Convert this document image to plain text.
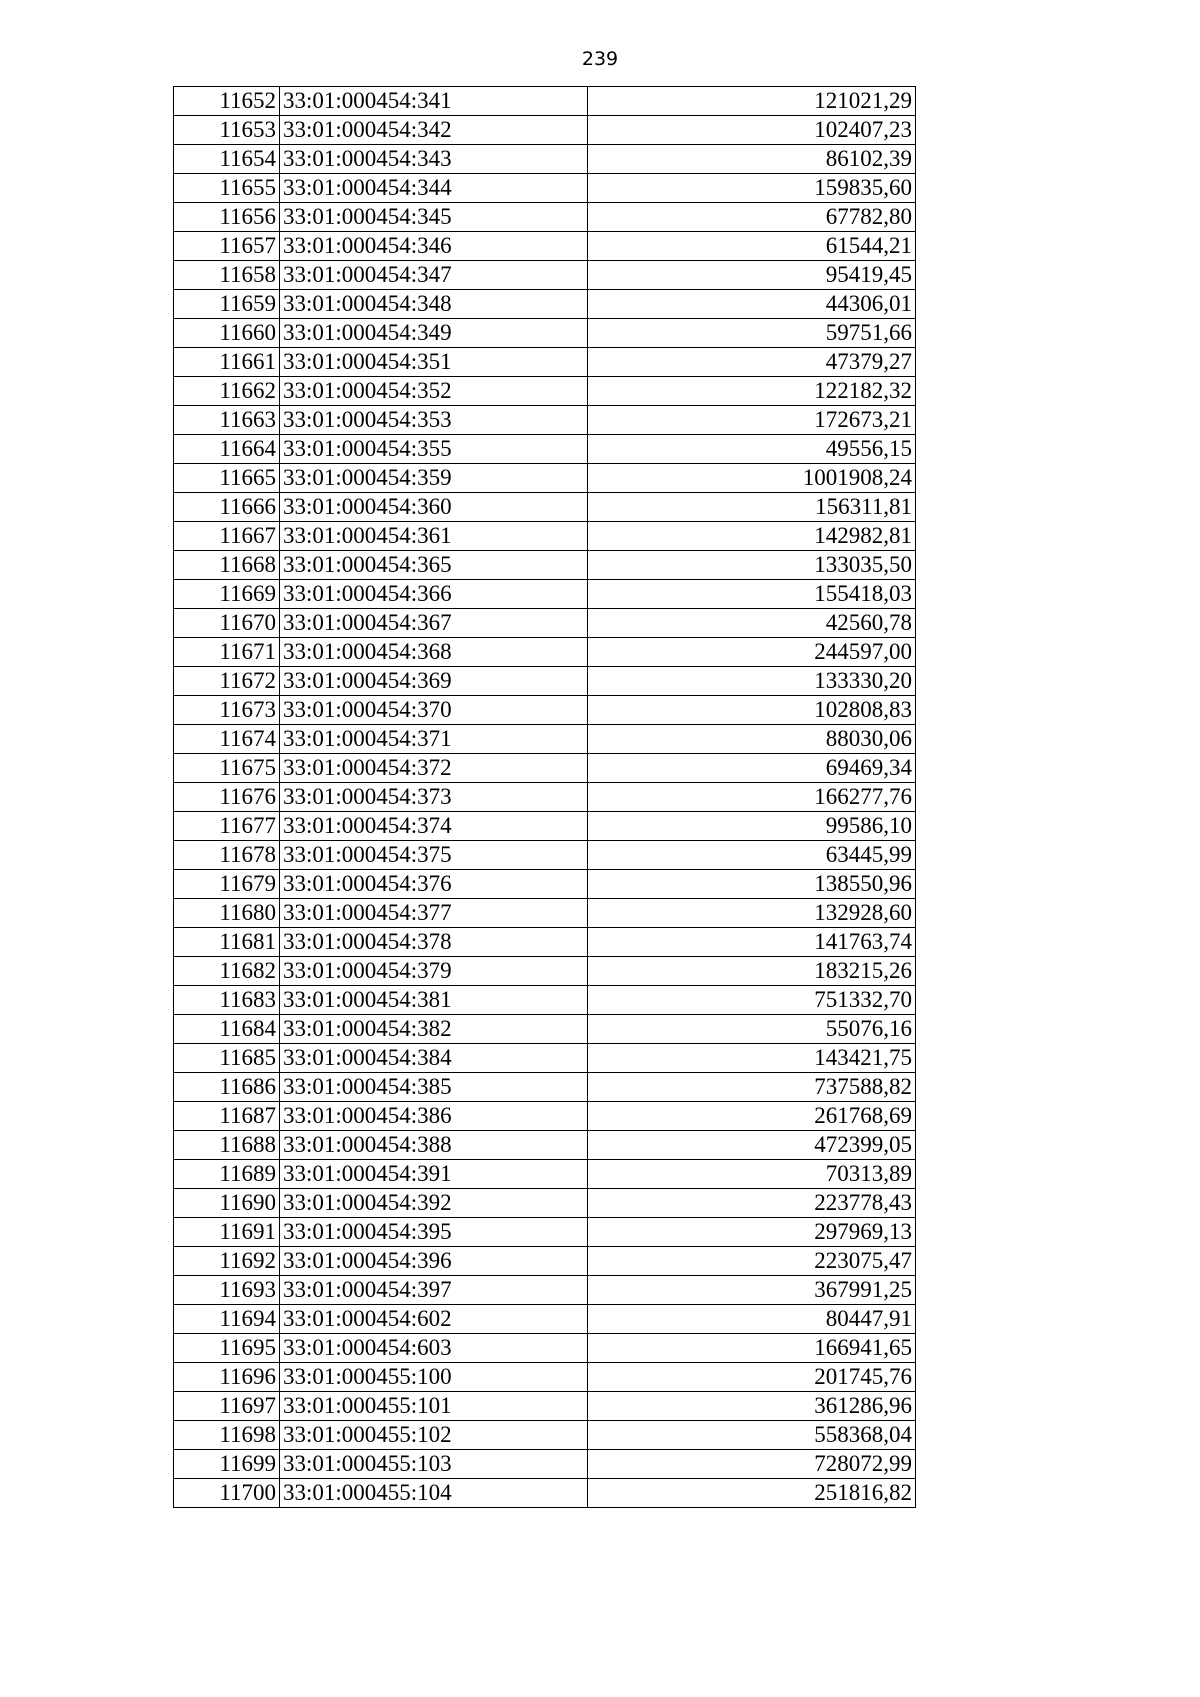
239
11652	33:01:000454:341	121021,29
11653	33:01:000454:342	102407,23
11654	33:01:000454:343	86102,39
11655	33:01:000454:344	159835,60
11656	33:01:000454:345	67782,80
11657	33:01:000454:346	61544,21
11658	33:01:000454:347	95419,45
11659	33:01:000454:348	44306,01
11660	33:01:000454:349	59751,66
11661	33:01:000454:351	47379,27
11662	33:01:000454:352	122182,32
11663	33:01:000454:353	172673,21
11664	33:01:000454:355	49556,15
11665	33:01:000454:359	1001908,24
11666	33:01:000454:360	156311,81
11667	33:01:000454:361	142982,81
11668	33:01:000454:365	133035,50
11669	33:01:000454:366	155418,03
11670	33:01:000454:367	42560,78
11671	33:01:000454:368	244597,00
11672	33:01:000454:369	133330,20
11673	33:01:000454:370	102808,83
11674	33:01:000454:371	88030,06
11675	33:01:000454:372	69469,34
11676	33:01:000454:373	166277,76
11677	33:01:000454:374	99586,10
11678	33:01:000454:375	63445,99
11679	33:01:000454:376	138550,96
11680	33:01:000454:377	132928,60
11681	33:01:000454:378	141763,74
11682	33:01:000454:379	183215,26
11683	33:01:000454:381	751332,70
11684	33:01:000454:382	55076,16
11685	33:01:000454:384	143421,75
11686	33:01:000454:385	737588,82
11687	33:01:000454:386	261768,69
11688	33:01:000454:388	472399,05
11689	33:01:000454:391	70313,89
11690	33:01:000454:392	223778,43
11691	33:01:000454:395	297969,13
11692	33:01:000454:396	223075,47
11693	33:01:000454:397	367991,25
11694	33:01:000454:602	80447,91
11695	33:01:000454:603	166941,65
11696	33:01:000455:100	201745,76
11697	33:01:000455:101	361286,96
11698	33:01:000455:102	558368,04
11699	33:01:000455:103	728072,99
11700	33:01:000455:104	251816,82
